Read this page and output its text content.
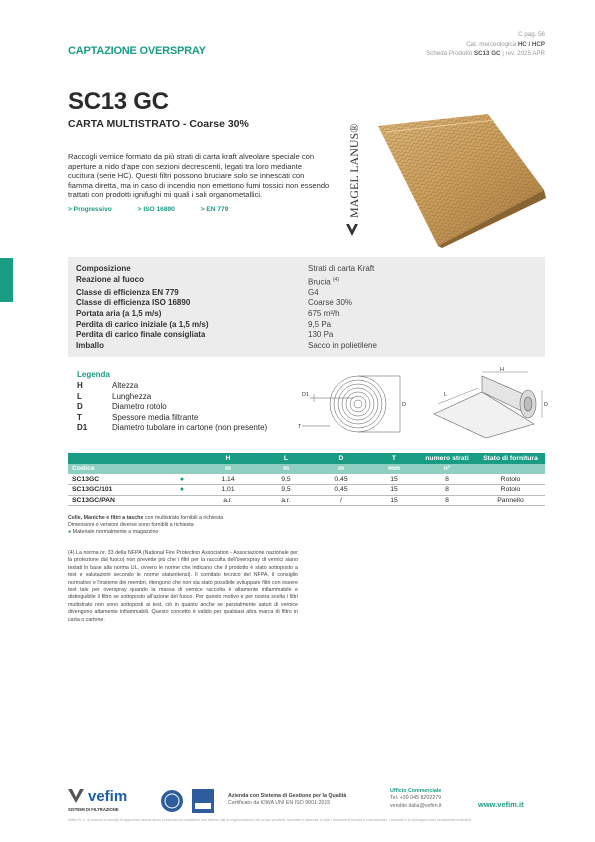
CAPTAZIONE OVERSPRAY
C pag. 56
Cat. merceologica HC / HCP
Scheda Prodotto SC13 GC | rev. 2025 APR
SC13 GC
CARTA MULTISTRATO - Coarse 30%
Raccogli vernice formato da più strati di carta kraft alveolare speciale con aperture a nido d'ape con sezioni decrescenti, legati tra loro mediante cucitura (serie HC). Questi filtri possono bruciare solo se innescati con fiamma diretta, ma in caso di incendio non emettono fumi tossici non essendo trattati con prodotti ignifughi mi quali i sali organometallici.
> Progressivo	> ISO 16890	> EN 779	MAGEL LANUS®
Composizione	Strati di carta Kraft
Reazione al fuoco	Brucia $^{(4)}$
Classe di efficienza EN 779	G4
Classe di efficienza ISO 16890	Coarse 30%
Portata aria (a 1,5 m/s)	675 m³/h
Perdita di carico iniziale (a 1,5 m/s)	9,5 Pa
Perdita di carico finale consigliata	130 Pa
Imballo	Sacco in polietilene
Legenda
H	Altezza
L	Lunghezza
D	Diametro rotolo
T	Spessore media filtrante
D1	Diametro tubolare in cartone (non presente)
D1
D
T
H
L
D
		H	L	D	T	numero strati	Stato di fornitura
Codice		m	m	m	mm	n°	
SC13GC	●	1,14	9,5	0,45	15	8	Rotolo
SC13GC/101	●	1,01	9,5	0,45	15	8	Rotolo
SC13GC/PAN		a.r.	a.r.	/	15	8	Pannello
Celle, Maniche e filtri a tasche con multistrato fornibili a richiesta
Dimensioni o versioni diverse sono fornibili a richiesta
● Materiale normalmente a magazzino
(4) La norma nr. 33 della NFPA (National Fire Protection Association - Associazione nazionale per la protezione dal fuoco) non prevede più che i filtri per la raccolta dell'overspray di vernici siano testati in base alla norma UL, ovvero le norme che indicano che il prodotto è stato sottoposto a test e valutazioni secondo le norme statunitensi). Il comitato tecnico del NFPA, il consiglio normativo e l'insieme dei membri, ritengono che non sia stato possibile sviluppare filtri con essere test tale per overspray quando la massa di vernice raccolta è altamente infiammabile e distinguibile il filtro se sottoposto all'azione del fuoco. Per questo motivo e per nostra scelta i filtri multistrato non sono sottoposti ai test, ciò in quanto anche se parzialmente saturi di vernice divengono altamente infiammabili. Questo concetto è valido per qualsiasi altra marca di filtro in carta o cartone.
vefim
SISTEMI DI FILTRAZIONE
Azienda con Sistema di Gestione per la Qualità
Certificato da KIWA UNI EN ISO 9001:2015
Ufficio Commerciale
Tel. +39 045 8202279
vendite.italia@vefim.it	www.vefim.it
Vefim S.r.l. si riserva la facoltà di apportare senza alcun preavviso le modifiche che ritiene utili al miglioramento dei propri prodotti, riportate e ottenute in tutti i documenti tecnici e commerciali. I prodotti e le immagini sono puramente indicativi.
